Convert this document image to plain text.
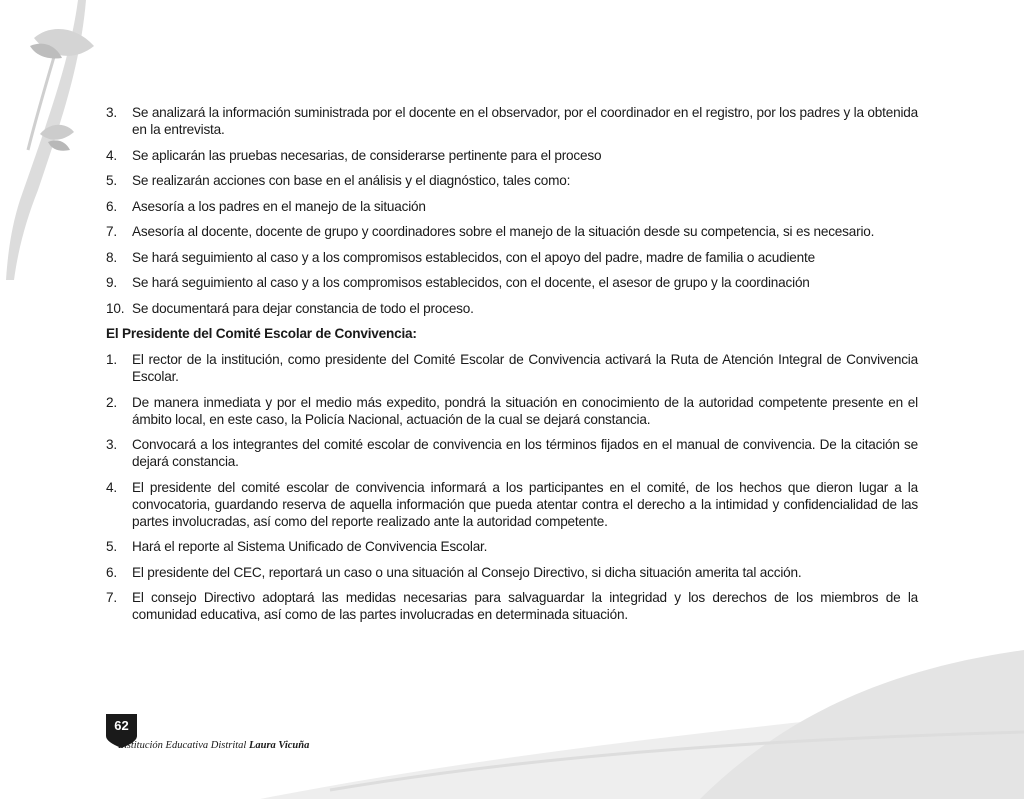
3. Se analizará la información suministrada por el docente en el observador, por el coordinador en el registro, por los padres y la obtenida en la entrevista.
4. Se aplicarán las pruebas necesarias, de considerarse pertinente para el proceso
5. Se realizarán acciones con base en el análisis y el diagnóstico, tales como:
6. Asesoría a los padres en el manejo de la situación
7. Asesoría al docente, docente de grupo y coordinadores sobre el manejo de la situación desde su competencia, si es necesario.
8. Se hará seguimiento al caso y a los compromisos establecidos, con el apoyo del padre, madre de familia o acudiente
9. Se hará seguimiento al caso y a los compromisos establecidos, con el docente, el asesor de grupo y la coordinación
10. Se documentará para dejar constancia de todo el proceso.
El Presidente del Comité Escolar de Convivencia:
1. El rector de la institución, como presidente del Comité Escolar de Convivencia activará la Ruta de Atención Integral de Convivencia Escolar.
2. De manera inmediata y por el medio más expedito, pondrá la situación en conocimiento de la autoridad competente presente en el ámbito local, en este caso, la Policía Nacional, actuación de la cual se dejará constancia.
3. Convocará a los integrantes del comité escolar de convivencia en los términos fijados en el manual de convivencia. De la citación se dejará constancia.
4. El presidente del comité escolar de convivencia informará a los participantes en el comité, de los hechos que dieron lugar a la convocatoria, guardando reserva de aquella información que pueda atentar contra el derecho a la intimidad y confidencialidad de las partes involucradas, así como del reporte realizado ante la autoridad competente.
5. Hará el reporte al Sistema Unificado de Convivencia Escolar.
6. El presidente del CEC, reportará un caso o una situación al Consejo Directivo, si dicha situación amerita tal acción.
7. El consejo Directivo adoptará las medidas necesarias para salvaguardar la integridad y los derechos de los miembros de la comunidad educativa, así como de las partes involucradas en determinada situación.
62
Institución Educativa Distrital Laura Vicuña
